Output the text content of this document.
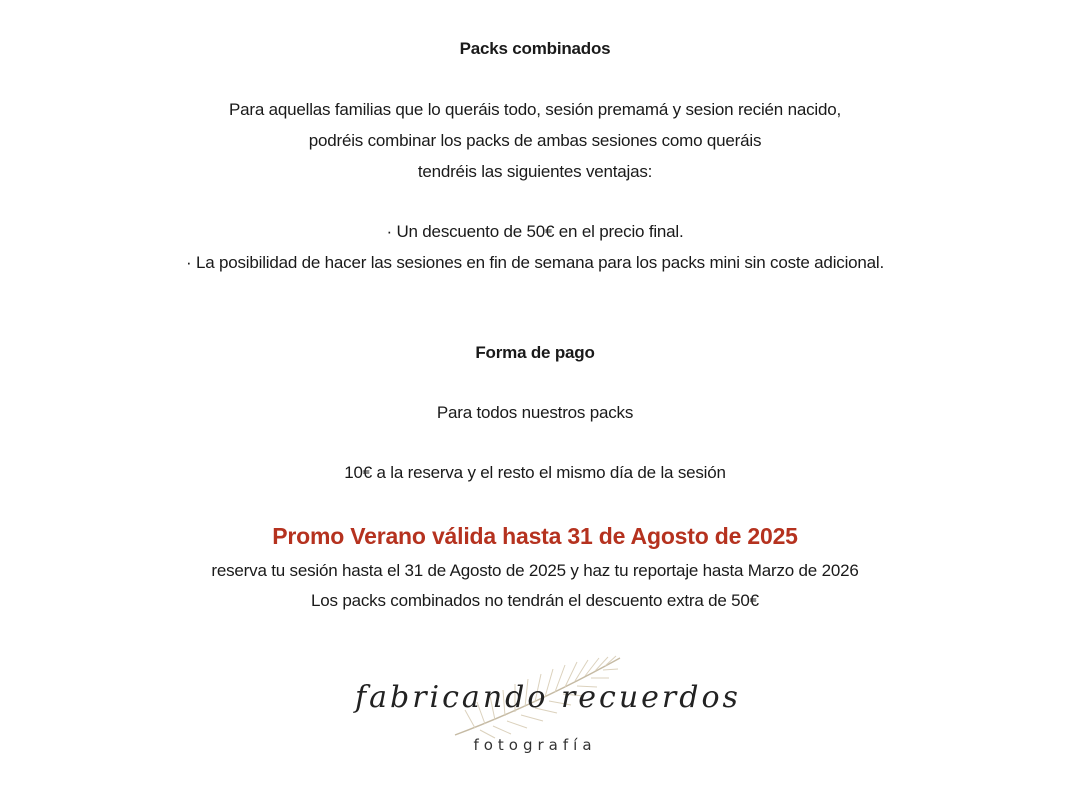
Packs combinados
Para aquellas familias que lo queráis todo, sesión premamá y sesion recién nacido,
podréis combinar los packs de ambas sesiones como queráis
tendréis las siguientes ventajas:
· Un descuento de 50€ en el precio final.
· La posibilidad de hacer las sesiones en fin de semana para los packs mini sin coste adicional.
Forma de pago
Para todos nuestros packs
10€ a la reserva y el resto el mismo día de la sesión
Promo Verano válida hasta 31 de Agosto de 2025
reserva tu sesión hasta el 31 de Agosto de 2025 y haz tu reportaje hasta Marzo de 2026
Los packs combinados no tendrán el descuento extra de 50€
fabricando recuerdos
fotografía
